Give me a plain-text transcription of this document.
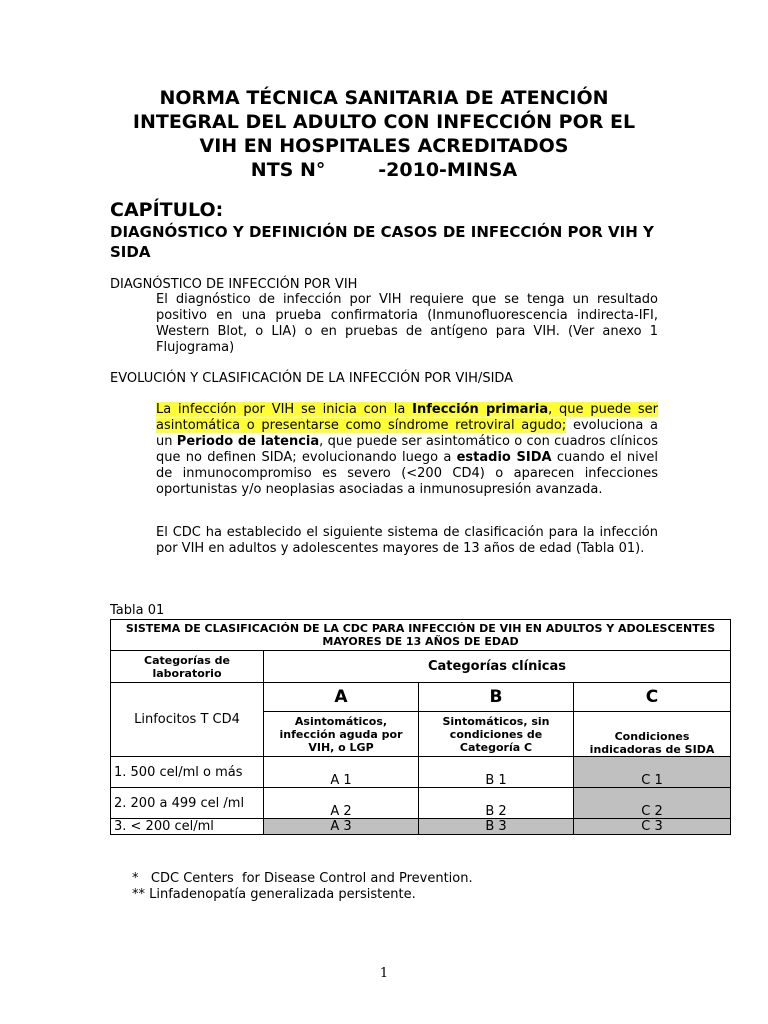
NORMA TÉCNICA SANITARIA DE ATENCIÓN
INTEGRAL DEL ADULTO CON INFECCIÓN POR EL
VIH EN HOSPITALES ACREDITADOS
NTS N°        -2010-MINSA
CAPÍTULO:
DIAGNÓSTICO Y DEFINICIÓN DE CASOS DE INFECCIÓN POR VIH Y SIDA
DIAGNÓSTICO DE INFECCIÓN POR VIH
El diagnóstico de infección por VIH requiere que se tenga un resultado positivo en una prueba confirmatoria (Inmunofluorescencia indirecta-IFI, Western Blot, o LIA) o en pruebas de antígeno para VIH. (Ver anexo 1 Flujograma)
EVOLUCIÓN Y CLASIFICACIÓN DE LA INFECCIÓN POR VIH/SIDA
La infección por VIH se inicia con la Infección primaria, que puede ser asintomática o presentarse como síndrome retroviral agudo; evoluciona a un Periodo de latencia, que puede ser asintomático o con cuadros clínicos que no definen SIDA; evolucionando luego a estadio SIDA cuando el nivel de inmunocompromiso es severo (<200 CD4) o aparecen infecciones oportunistas y/o neoplasias asociadas a inmunosupresión avanzada.
El CDC ha establecido el siguiente sistema de clasificación para la infección por VIH en adultos y adolescentes mayores de 13 años de edad (Tabla 01).
Tabla 01
SISTEMA DE CLASIFICACIÓN DE LA CDC PARA INFECCIÓN DE VIH EN ADULTOS Y ADOLESCENTES MAYORES DE 13 AÑOS DE EDAD			
Categorías de laboratorio	Categorías clínicas		
Linfocitos T CD4	A	B	C
	Asintomáticos, infección aguda por VIH, o LGP	Sintomáticos, sin condiciones de Categoría C	Condiciones indicadoras de SIDA
1. 500 cel/ml o más	A 1	B 1	C 1
2. 200 a 499 cel /ml	A 2	B 2	C 2
3. < 200 cel/ml	A 3	B 3	C 3
*   CDC Centers  for Disease Control and Prevention.
** Linfadenopatía generalizada persistente.
1
